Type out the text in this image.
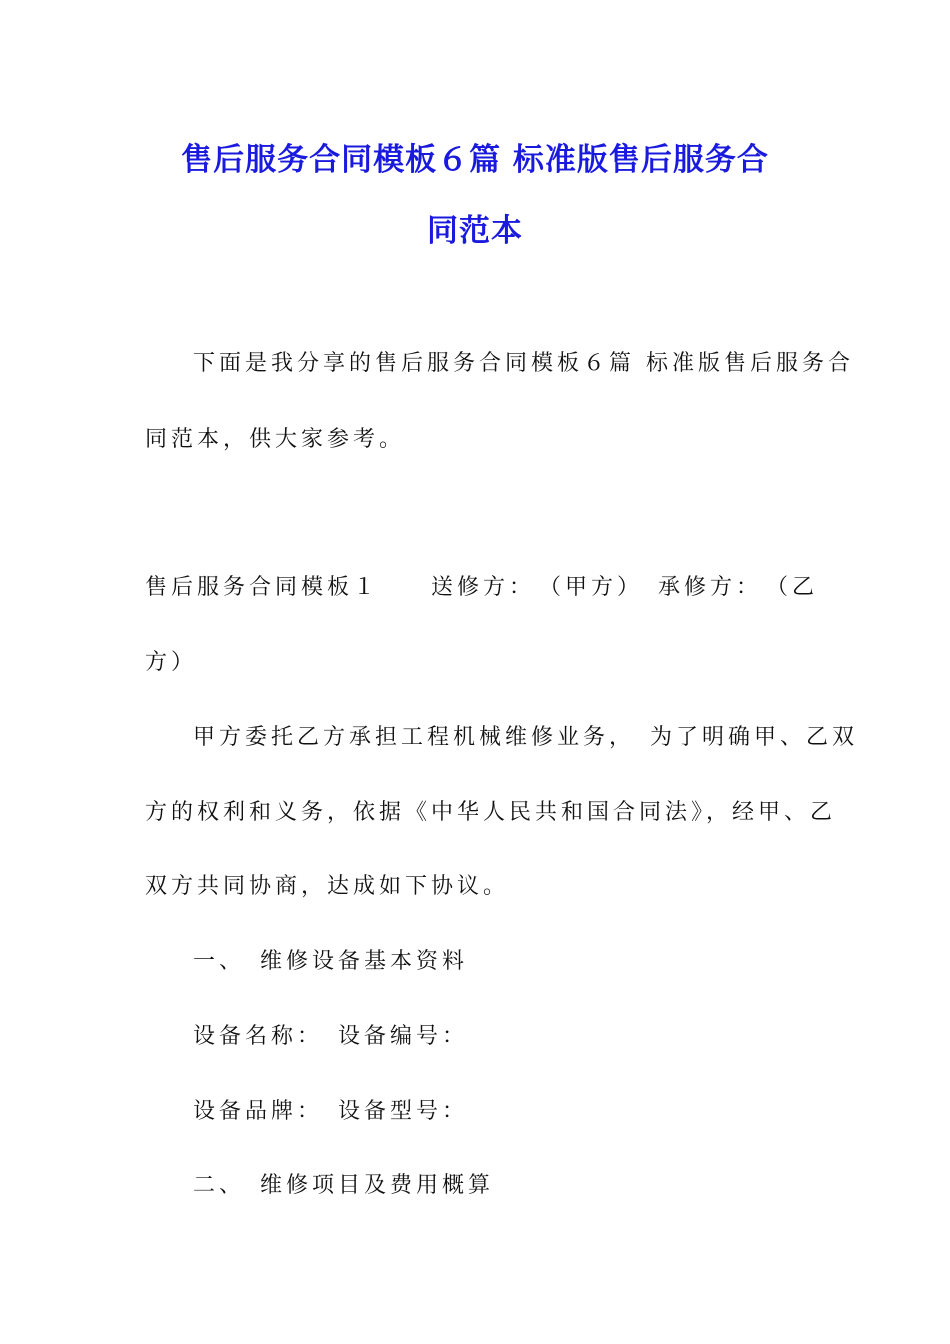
售后服务合同模板６篇 标准版售后服务合
同范本
下面是我分享的售后服务合同模板６篇 标准版售后服务合
同范本，供大家参考。
售后服务合同模板１　　送修方：　（甲方）　承修方：　（乙
方）
甲方委托乙方承担工程机械维修业务，　为了明确甲、乙双
方的权利和义务，依据《中华人民共和国合同法》，经甲、乙
双方共同协商，达成如下协议。
一、　维修设备基本资料
设备名称：　设备编号：
设备品牌：　设备型号：
二、　维修项目及费用概算
